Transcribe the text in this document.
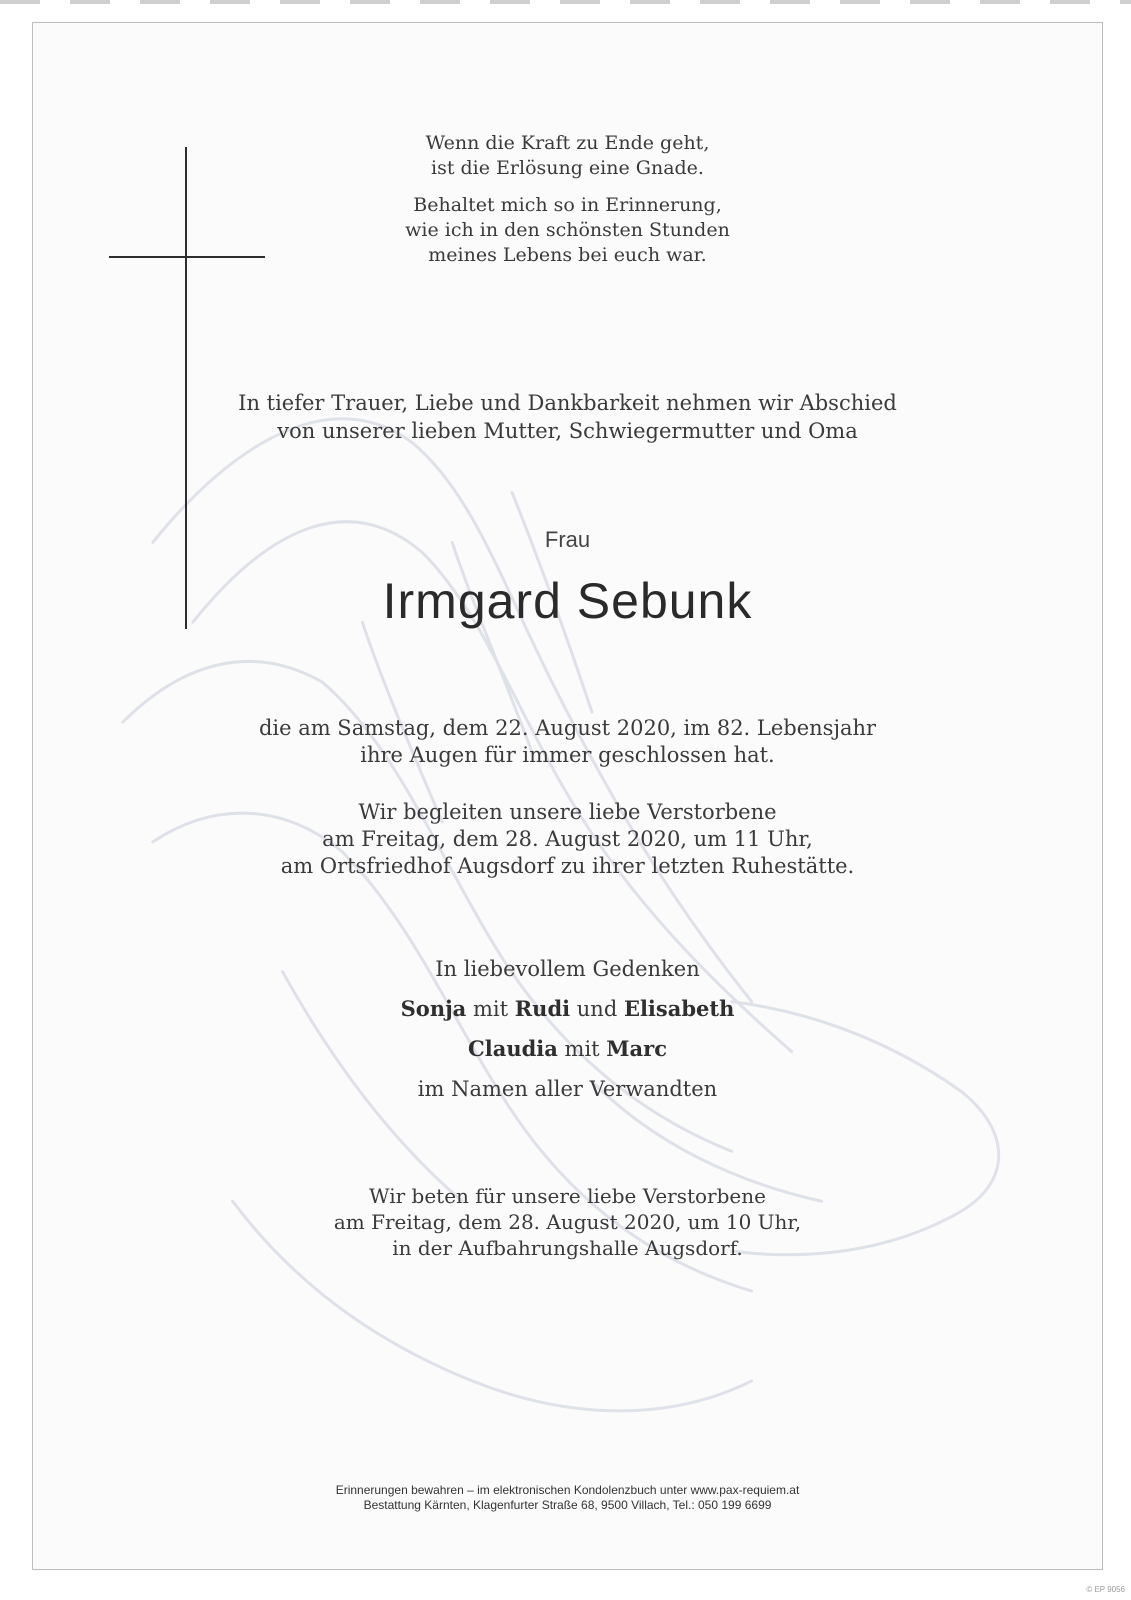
Wenn die Kraft zu Ende geht,
ist die Erlösung eine Gnade.
Behaltet mich so in Erinnerung,
wie ich in den schönsten Stunden
meines Lebens bei euch war.
In tiefer Trauer, Liebe und Dankbarkeit nehmen wir Abschied
von unserer lieben Mutter, Schwiegermutter und Oma
Frau
Irmgard Sebunk
die am Samstag, dem 22. August 2020, im 82. Lebensjahr
ihre Augen für immer geschlossen hat.
Wir begleiten unsere liebe Verstorbene
am Freitag, dem 28. August 2020, um 11 Uhr,
am Ortsfriedhof Augsdorf zu ihrer letzten Ruhestätte.
In liebevollem Gedenken
Sonja mit Rudi und Elisabeth
Claudia mit Marc
im Namen aller Verwandten
Wir beten für unsere liebe Verstorbene
am Freitag, dem 28. August 2020, um 10 Uhr,
in der Aufbahrungshalle Augsdorf.
Erinnerungen bewahren – im elektronischen Kondolenzbuch unter www.pax-requiem.at
Bestattung Kärnten, Klagenfurter Straße 68, 9500 Villach, Tel.: 050 199 6699
© EP 9056
